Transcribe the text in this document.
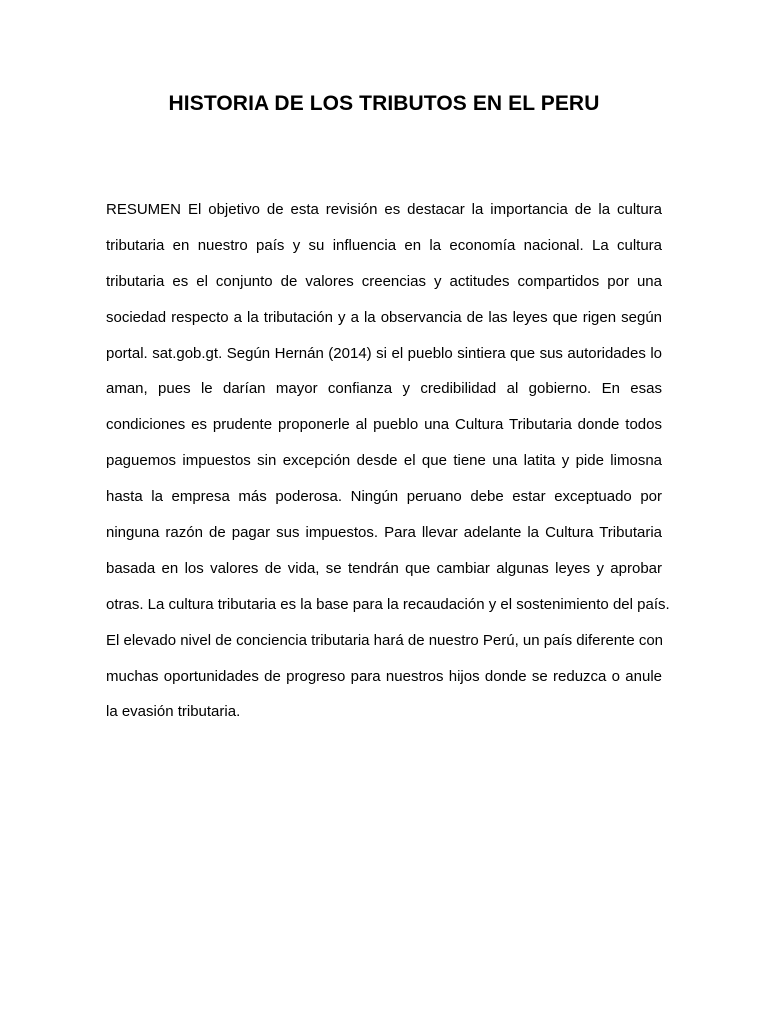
HISTORIA DE LOS TRIBUTOS EN EL PERU
RESUMEN El objetivo de esta revisión es destacar la importancia de la cultura
tributaria en nuestro país y su influencia en la economía nacional. La cultura
tributaria es el conjunto de valores creencias y actitudes compartidos por una
sociedad respecto a la tributación y a la observancia de las leyes que rigen según
portal. sat.gob.gt. Según Hernán (2014) si el pueblo sintiera que sus autoridades lo
aman, pues le darían mayor confianza y credibilidad al gobierno. En esas
condiciones es prudente proponerle al pueblo una Cultura Tributaria donde todos
paguemos impuestos sin excepción desde el que tiene una latita y pide limosna
hasta la empresa más poderosa. Ningún peruano debe estar exceptuado por
ninguna razón de pagar sus impuestos. Para llevar adelante la Cultura Tributaria
basada en los valores de vida, se tendrán que cambiar algunas leyes y aprobar
otras. La cultura tributaria es la base para la recaudación y el sostenimiento del país.
El elevado nivel de conciencia tributaria hará de nuestro Perú, un país diferente con
muchas oportunidades de progreso para nuestros hijos donde se reduzca o anule
la evasión tributaria.
